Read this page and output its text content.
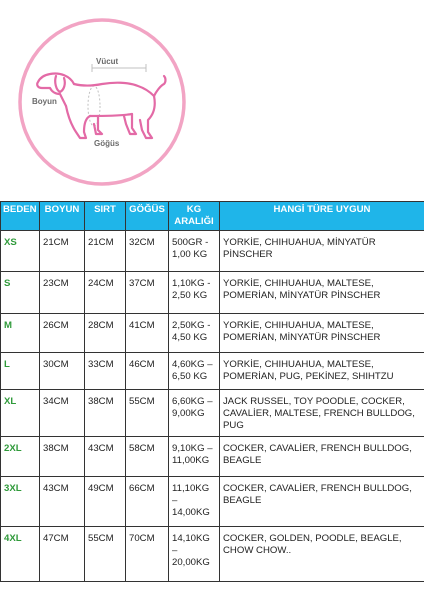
Vücut
Boyun
Göğüs
BEDEN	BOYUN	SIRT	GÖĞÜS	KG ARALIĞI	HANGİ TÜRE UYGUN
XS	21CM	21CM	32CM	500GR - 1,00 KG	YORKİE, CHIHUAHUA, MİNYATÜR PİNSCHER
S	23CM	24CM	37CM	1,10KG - 2,50 KG	YORKİE, CHIHUAHUA, MALTESE, POMERİAN, MİNYATÜR PİNSCHER
M	26CM	28CM	41CM	2,50KG - 4,50 KG	YORKİE, CHIHUAHUA, MALTESE, POMERİAN, MİNYATÜR PİNSCHER
L	30CM	33CM	46CM	4,60KG – 6,50 KG	YORKİE, CHIHUAHUA, MALTESE, POMERİAN, PUG, PEKİNEZ, SHIHTZU
XL	34CM	38CM	55CM	6,60KG – 9,00KG	JACK RUSSEL, TOY POODLE, COCKER, CAVALİER, MALTESE, FRENCH BULLDOG, PUG
2XL	38CM	43CM	58CM	9,10KG – 11,00KG	COCKER, CAVALİER, FRENCH BULLDOG, BEAGLE
3XL	43CM	49CM	66CM	11,10KG – 14,00KG	COCKER, CAVALİER, FRENCH BULLDOG, BEAGLE
4XL	47CM	55CM	70CM	14,10KG – 20,00KG	COCKER, GOLDEN, POODLE, BEAGLE, CHOW CHOW..
